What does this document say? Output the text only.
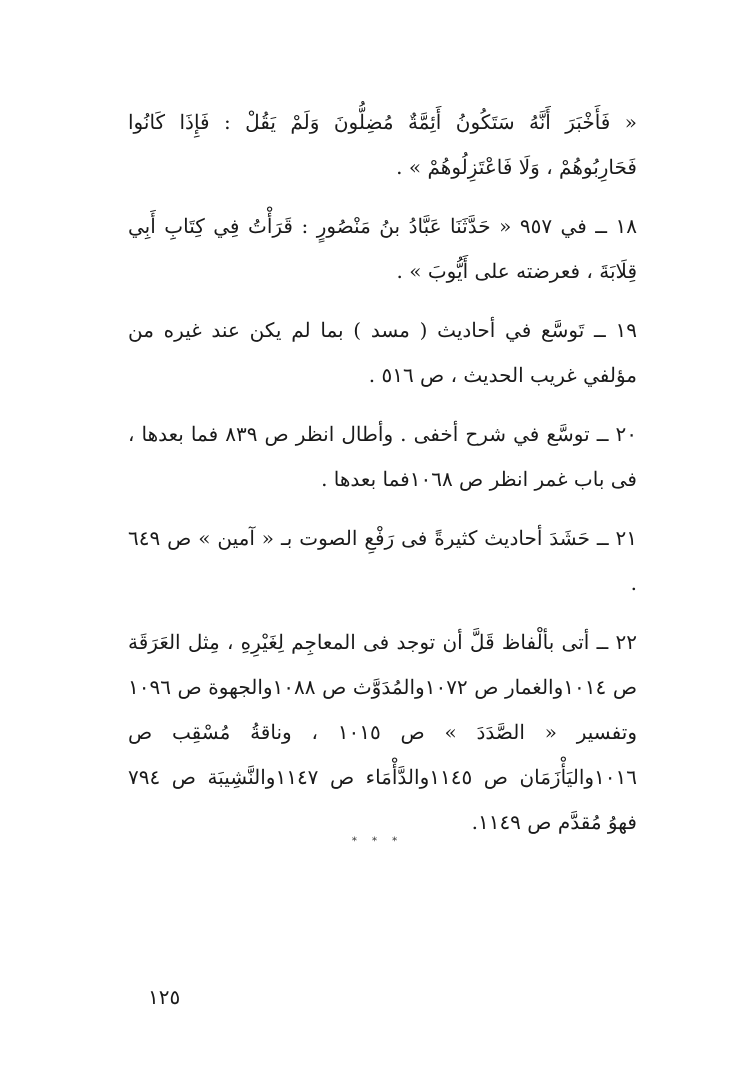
« فَأَخْبَرَ أَنَّهُ سَتَكُونُ أَئِمَّةٌ مُضِلُّونَ وَلَمْ يَقُلْ : فَإِذَا كَانُوا فَحَارِبُوهُمْ ، وَلَا فَاعْتَزِلُوهُمْ » .

١٨ ــ في ٩٥٧ « حَدَّثَنَا عَبَّادُ بنُ مَنْصُورٍ : قَرَأْتُ فِي كِتَابِ أَبِي قِلَابَةَ ، فعرضته على أَيُّوبَ » .

١٩ ــ تَوسَّع في أحاديث ( مسد ) بما لم يكن عند غيره من مؤلفي غريب الحديث ، ص ٥١٦ .

٢٠ ــ توسَّع في شرح أخفى . وأطال انظر ص ٨٣٩ فما بعدها ، فى باب غمر انظر ص ١٠٦٨فما بعدها .

٢١ ــ حَشَدَ أحاديث كثيرةً فى رَفْعِ الصوت بـ « آمين » ص ٦٤٩ .

٢٢ ــ أتى بألْفاظ قَلَّ أن توجد فى المعاجِم لِغَيْرِهِ ، مِثل العَرَقَة ص ١٠١٤والغمار ص ١٠٧٢والمُدَوَّث ص ١٠٨٨والجهوة ص ١٠٩٦ وتفسير « الصَّدَدَ » ص ١٠١٥ ، وناقةُ مُسْقِب ص ١٠١٦واليَأْزَمَان ص ١١٤٥والدَّأْمَاء ص ١١٤٧والنَّشِيبَة ص ٧٩٤ فهوُ مُقدَّم ص ١١٤٩.

* * *
١٢٥
